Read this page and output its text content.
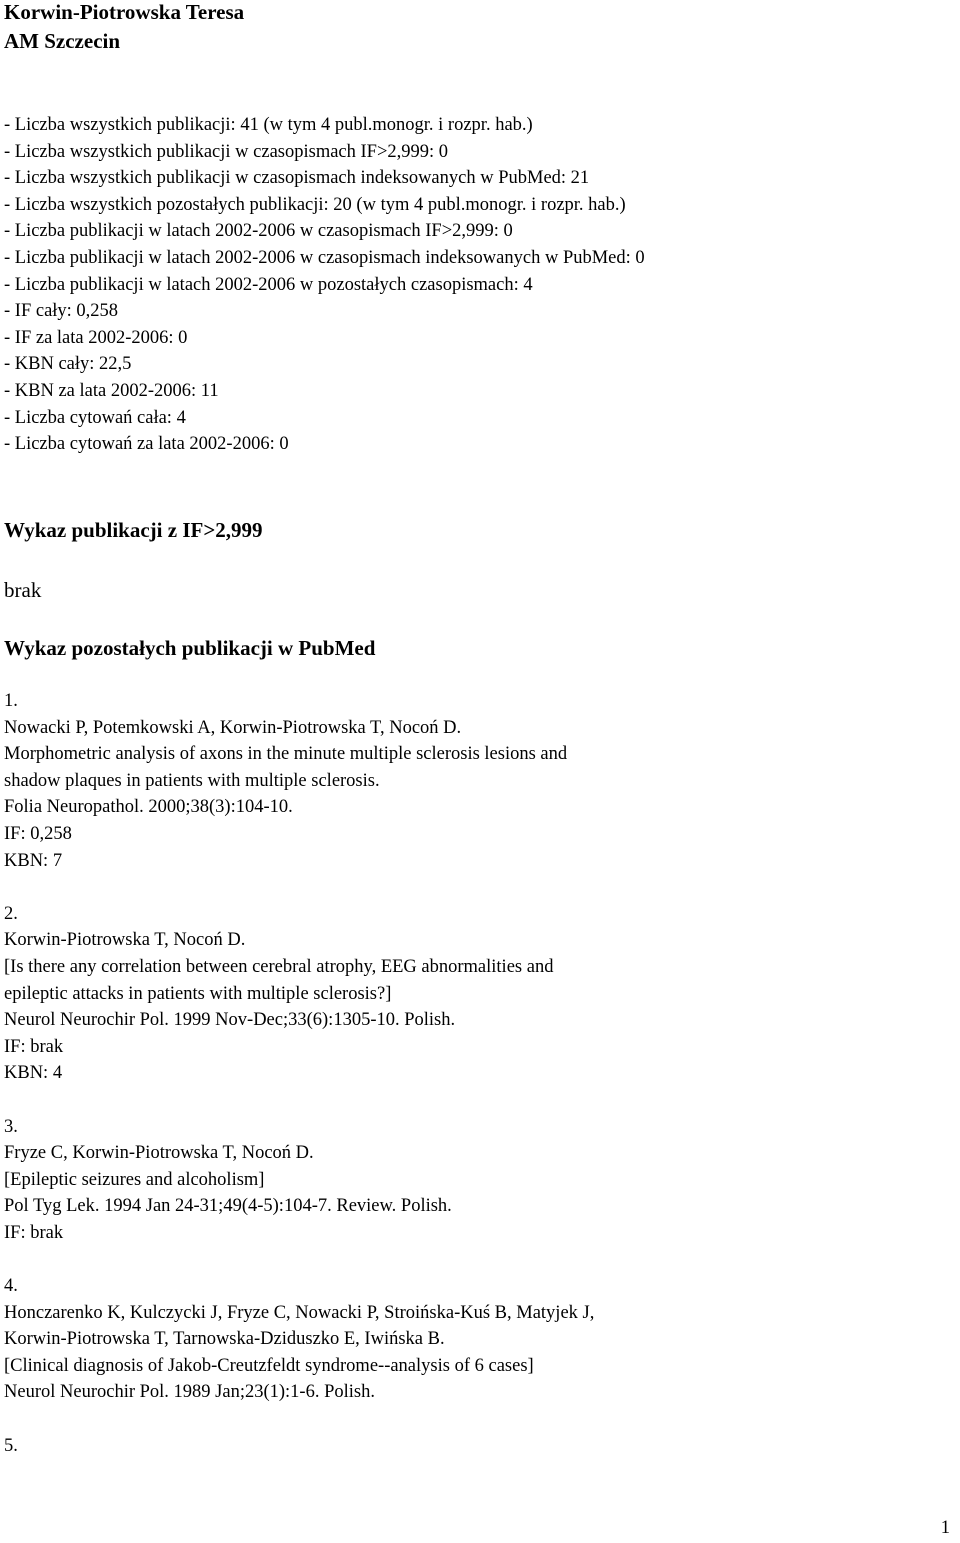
Korwin-Piotrowska Teresa

AM Szczecin

- Liczba wszystkich publikacji: 41 (w tym 4 publ.monogr. i rozpr. hab.)
- Liczba wszystkich publikacji w czasopismach IF>2,999: 0
- Liczba wszystkich publikacji w czasopismach indeksowanych w PubMed: 21
- Liczba wszystkich pozostałych publikacji: 20 (w tym 4 publ.monogr. i rozpr. hab.)
- Liczba publikacji w latach 2002-2006 w czasopismach IF>2,999: 0
- Liczba publikacji w latach 2002-2006 w czasopismach indeksowanych w PubMed: 0
- Liczba publikacji w latach 2002-2006 w pozostałych czasopismach: 4
- IF cały: 0,258
- IF za lata 2002-2006: 0
- KBN cały: 22,5
- KBN za lata 2002-2006: 11
- Liczba cytowań cała: 4
- Liczba cytowań za lata 2002-2006: 0

Wykaz publikacji z IF>2,999

brak

Wykaz pozostałych publikacji w PubMed

1.
Nowacki P, Potemkowski A, Korwin-Piotrowska T, Nocoń D.
Morphometric analysis of axons in the minute multiple sclerosis lesions and
shadow plaques in patients with multiple sclerosis.
Folia Neuropathol. 2000;38(3):104-10.
IF: 0,258
KBN: 7
2.
Korwin-Piotrowska T, Nocoń D.
[Is there any correlation between cerebral atrophy, EEG abnormalities and
epileptic attacks in patients with multiple sclerosis?]
Neurol Neurochir Pol. 1999 Nov-Dec;33(6):1305-10. Polish.
IF: brak
KBN: 4
3.
Fryze C, Korwin-Piotrowska T, Nocoń D.
[Epileptic seizures and alcoholism]
Pol Tyg Lek. 1994 Jan 24-31;49(4-5):104-7. Review. Polish.
IF: brak
4.
Honczarenko K, Kulczycki J, Fryze C, Nowacki P, Stroińska-Kuś B, Matyjek J,
Korwin-Piotrowska T, Tarnowska-Dziduszko E, Iwińska B.
[Clinical diagnosis of Jakob-Creutzfeldt syndrome--analysis of 6 cases]
Neurol Neurochir Pol. 1989 Jan;23(1):1-6. Polish.
5.
1
